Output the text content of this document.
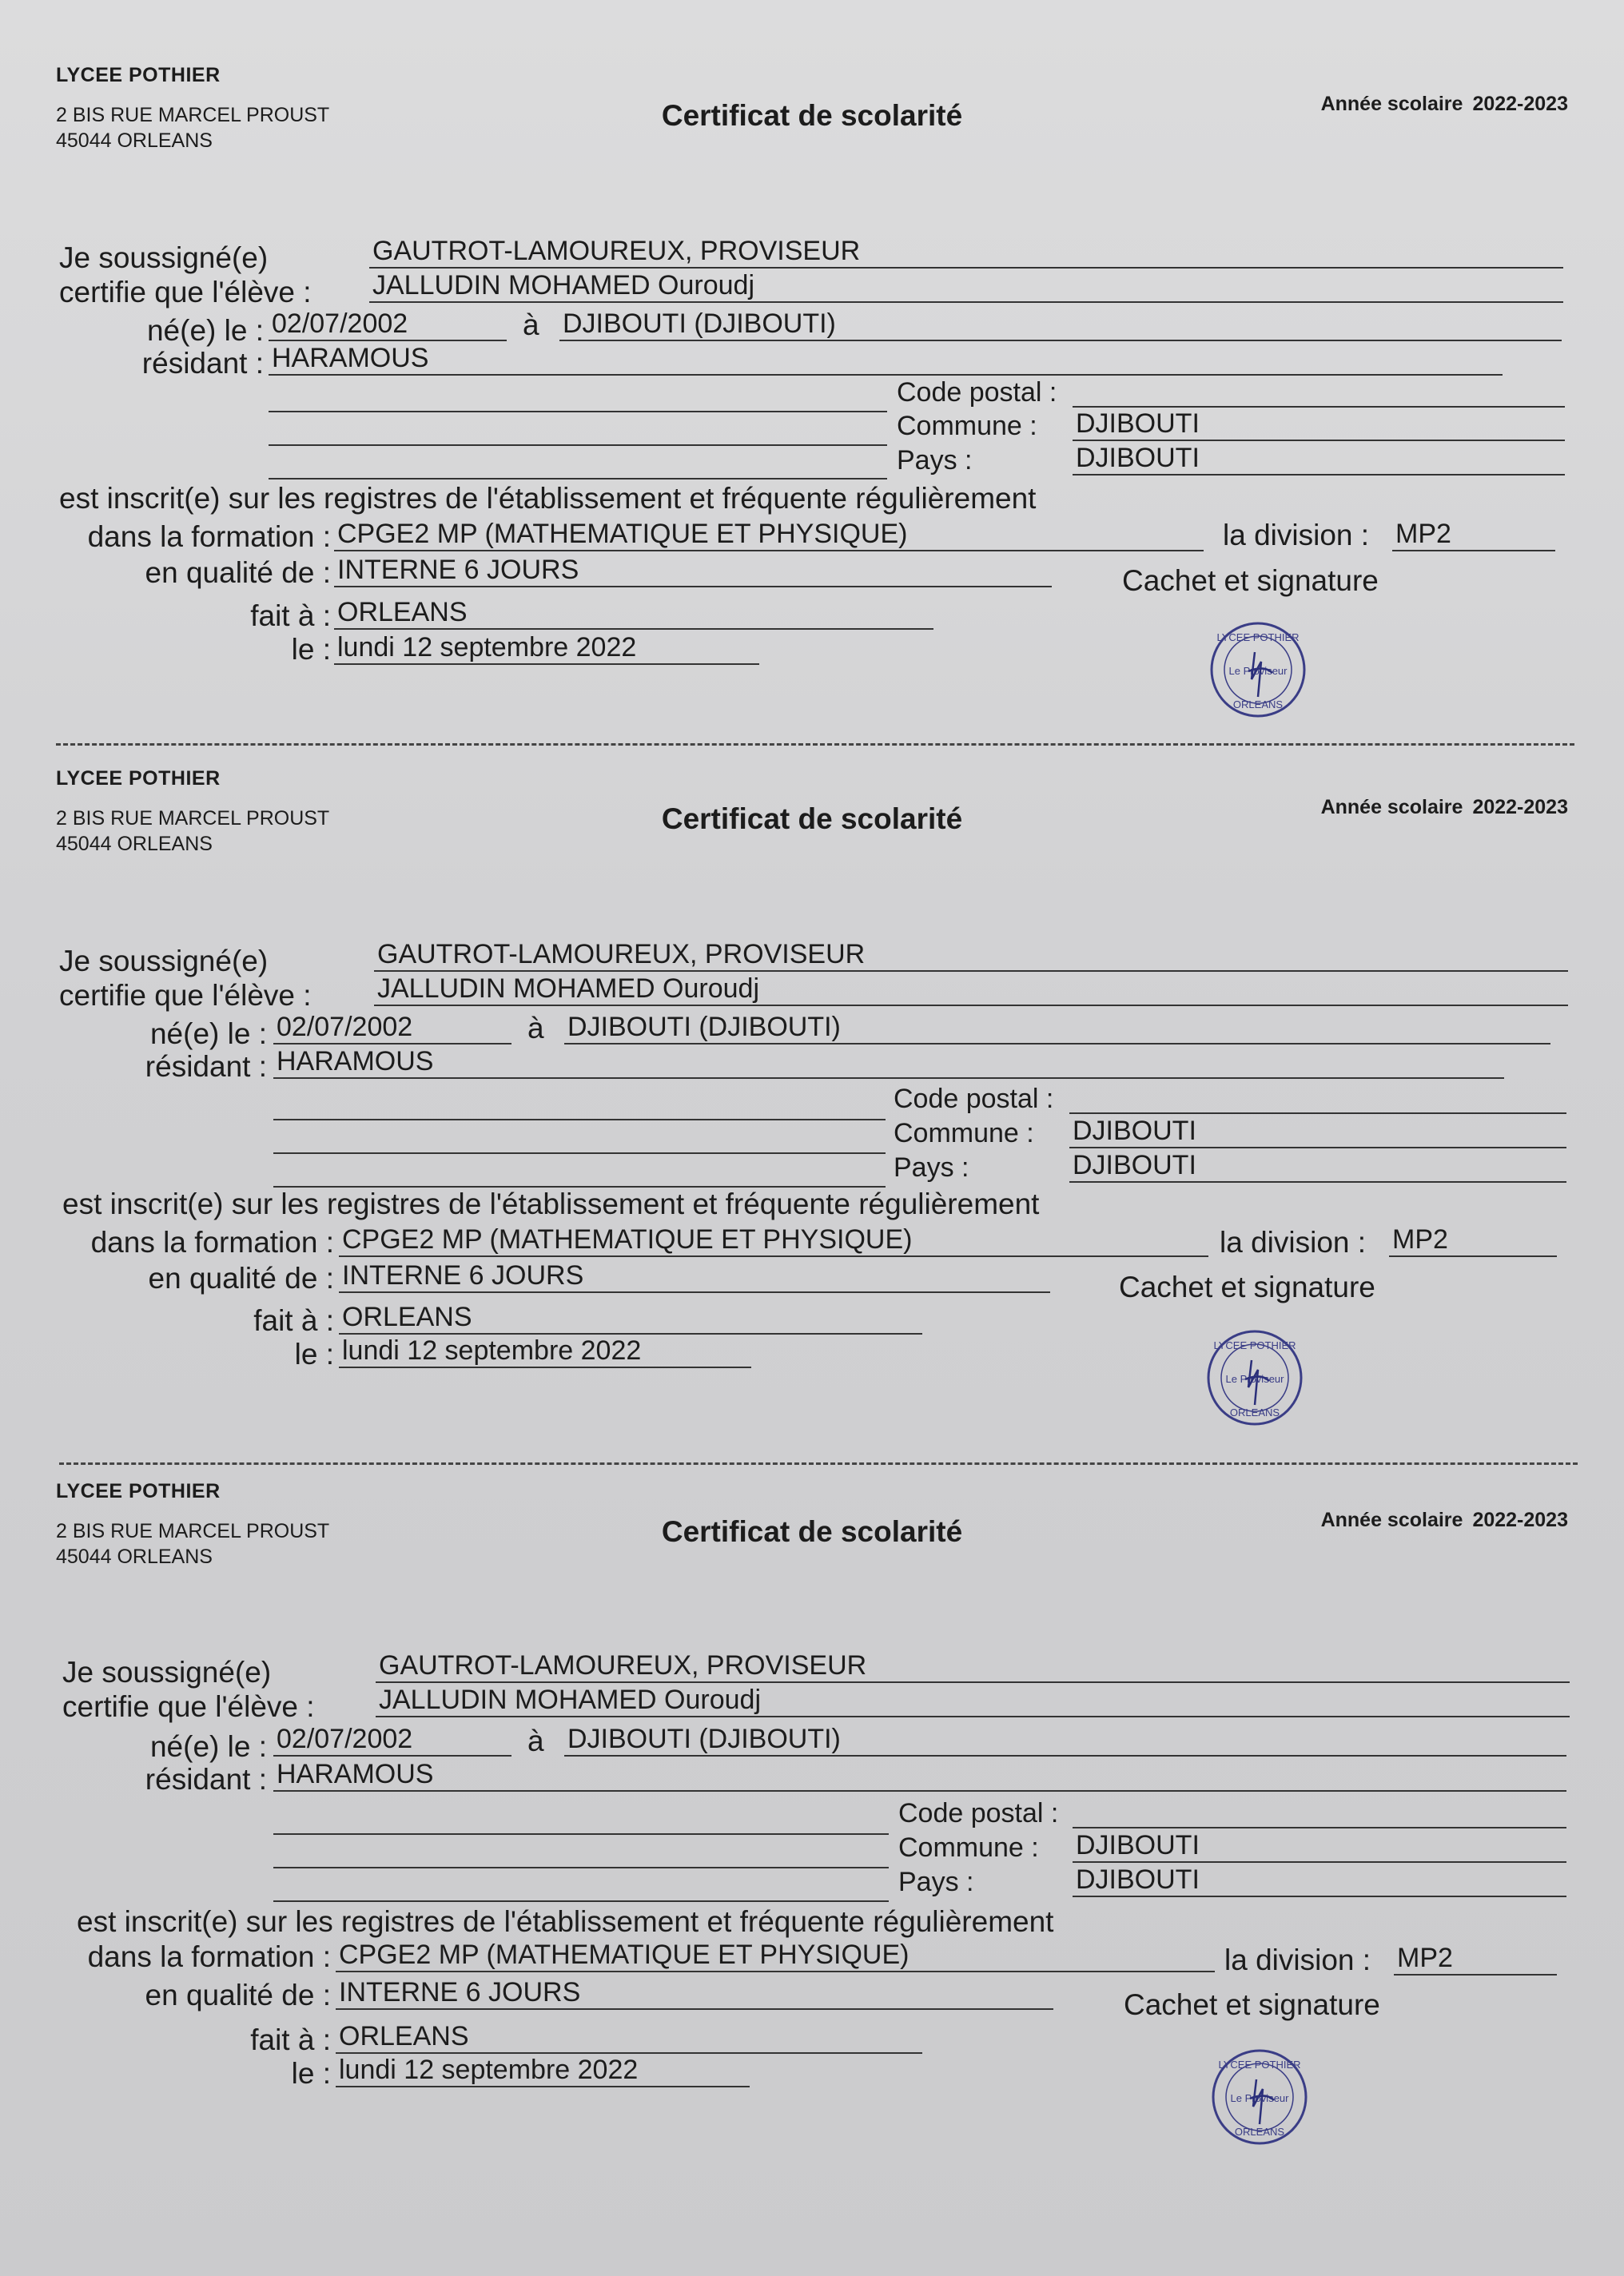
LYCEE POTHIER
2 BIS RUE MARCEL PROUST
45044 ORLEANS
Certificat de scolarité	Année scolaire 2022-2023
Je soussigné(e)	GAUTROT-LAMOUREUX, PROVISEUR
certifie que l'élève : JALLUDIN MOHAMED Ouroudj
né(e) le : 02/07/2002	à DJIBOUTI (DJIBOUTI)
résidant : HARAMOUS
Code postal :
Commune : DJIBOUTI
Pays :	DJIBOUTI
est inscrit(e) sur les registres de l'établissement et fréquente régulièrement
dans la formation : CPGE2 MP (MATHEMATIQUE ET PHYSIQUE)	la division : MP2
en qualité de : INTERNE 6 JOURS	Cachet et signature
fait à : ORLEANS
le : lundi 12 septembre 2022	LYCEE POTHIER
Le Proviseur
ORLEANS
LYCEE POTHIER
2 BIS RUE MARCEL PROUST
45044 ORLEANS
Certificat de scolarité	Année scolaire 2022-2023
Je soussigné(e)	GAUTROT-LAMOUREUX, PROVISEUR
certifie que l'élève : JALLUDIN MOHAMED Ouroudj
né(e) le : 02/07/2002	à DJIBOUTI (DJIBOUTI)
résidant : HARAMOUS
Code postal :
Commune : DJIBOUTI
Pays :	DJIBOUTI
est inscrit(e) sur les registres de l'établissement et fréquente régulièrement
dans la formation : CPGE2 MP (MATHEMATIQUE ET PHYSIQUE)	la division : MP2
en qualité de : INTERNE 6 JOURS	Cachet et signature
fait à : ORLEANS
le : lundi 12 septembre 2022	LYCEE POTHIER
Le Proviseur
ORLEANS
LYCEE POTHIER
2 BIS RUE MARCEL PROUST
45044 ORLEANS
Certificat de scolarité	Année scolaire 2022-2023
Je soussigné(e)	GAUTROT-LAMOUREUX, PROVISEUR
certifie que l'élève : JALLUDIN MOHAMED Ouroudj
né(e) le : 02/07/2002	à DJIBOUTI (DJIBOUTI)
résidant : HARAMOUS
Code postal :
Commune : DJIBOUTI
Pays :	DJIBOUTI
est inscrit(e) sur les registres de l'établissement et fréquente régulièrement
dans la formation : CPGE2 MP (MATHEMATIQUE ET PHYSIQUE)	la division : MP2
en qualité de : INTERNE 6 JOURS	Cachet et signature
fait à : ORLEANS
le : lundi 12 septembre 2022	LYCEE POTHIER
Le Proviseur
ORLEANS
